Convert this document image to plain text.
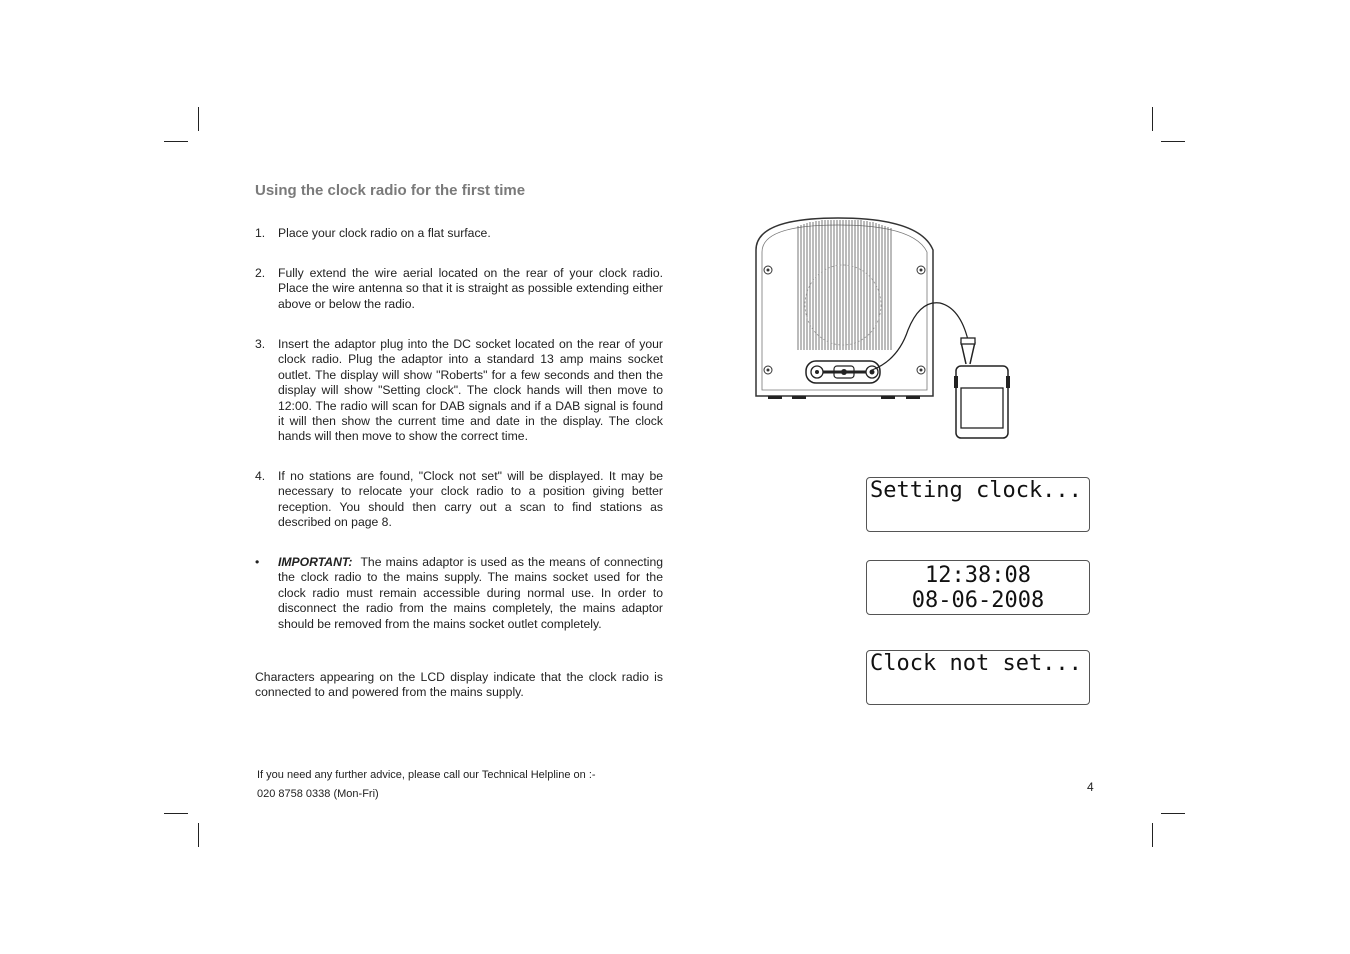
Using the clock radio for the first time
1. Place your clock radio on a flat surface.
2. Fully extend the wire aerial located on the rear of your clock radio. Place the wire antenna so that it is straight as possible extending either above or below the radio.
3. Insert the adaptor plug into the DC socket located on the rear of your clock radio. Plug the adaptor into a standard 13 amp mains socket outlet. The display will show "Roberts" for a few seconds and then the display will show "Setting clock". The clock hands will then move to 12:00. The radio will scan for DAB signals and if a DAB signal is found it will then show the current time and date in the display. The clock hands will then move to show the correct time.
4. If no stations are found, "Clock not set" will be displayed. It may be necessary to relocate your clock radio to a position giving better reception. You should then carry out a scan to find stations as described on page 8.
• IMPORTANT: The mains adaptor is used as the means of connecting the clock radio to the mains supply. The mains socket used for the clock radio must remain accessible during normal use. In order to disconnect the radio from the mains completely, the mains adaptor should be removed from the mains socket outlet completely.
Characters appearing on the LCD display indicate that the clock radio is connected to and powered from the mains supply.
If you need any further advice, please call our Technical Helpline on :-
020 8758 0338 (Mon-Fri)	4
Setting clock...
12:38:08
08-06-2008
Clock not set...
